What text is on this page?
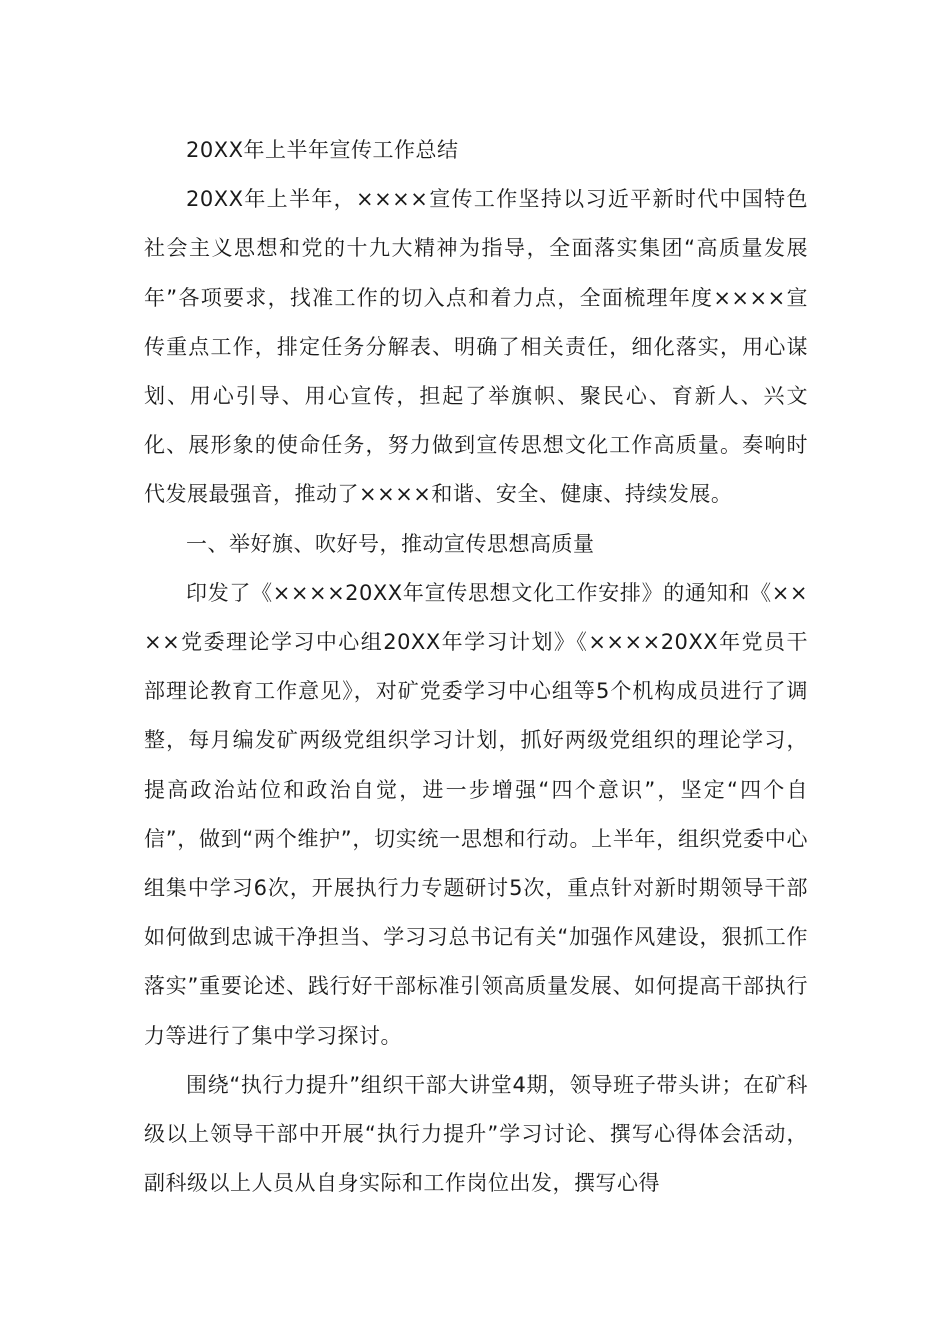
20XX年上半年宣传工作总结

20XX年上半年，××××宣传工作坚持以习近平新时代中国特色社会主义思想和党的十九大精神为指导，全面落实集团“高质量发展年”各项要求，找准工作的切入点和着力点，全面梳理年度××××宣传重点工作，排定任务分解表、明确了相关责任，细化落实，用心谋划、用心引导、用心宣传，担起了举旗帜、聚民心、育新人、兴文化、展形象的使命任务，努力做到宣传思想文化工作高质量。奏响时代发展最强音，推动了××××和谐、安全、健康、持续发展。

一、举好旗、吹好号，推动宣传思想高质量

印发了《××××20XX年宣传思想文化工作安排》的通知和《××××党委理论学习中心组20XX年学习计划》《××××20XX年党员干部理论教育工作意见》，对矿党委学习中心组等5个机构成员进行了调整，每月编发矿两级党组织学习计划，抓好两级党组织的理论学习，提高政治站位和政治自觉，进一步增强“四个意识”，坚定“四个自信”，做到“两个维护”，切实统一思想和行动。上半年，组织党委中心组集中学习6次，开展执行力专题研讨5次，重点针对新时期领导干部如何做到忠诚干净担当、学习习总书记有关“加强作风建设，狠抓工作落实”重要论述、践行好干部标准引领高质量发展、如何提高干部执行力等进行了集中学习探讨。

围绕“执行力提升”组织干部大讲堂4期，领导班子带头讲；在矿科级以上领导干部中开展“执行力提升”学习讨论、撰写心得体会活动，副科级以上人员从自身实际和工作岗位出发，撰写心得
